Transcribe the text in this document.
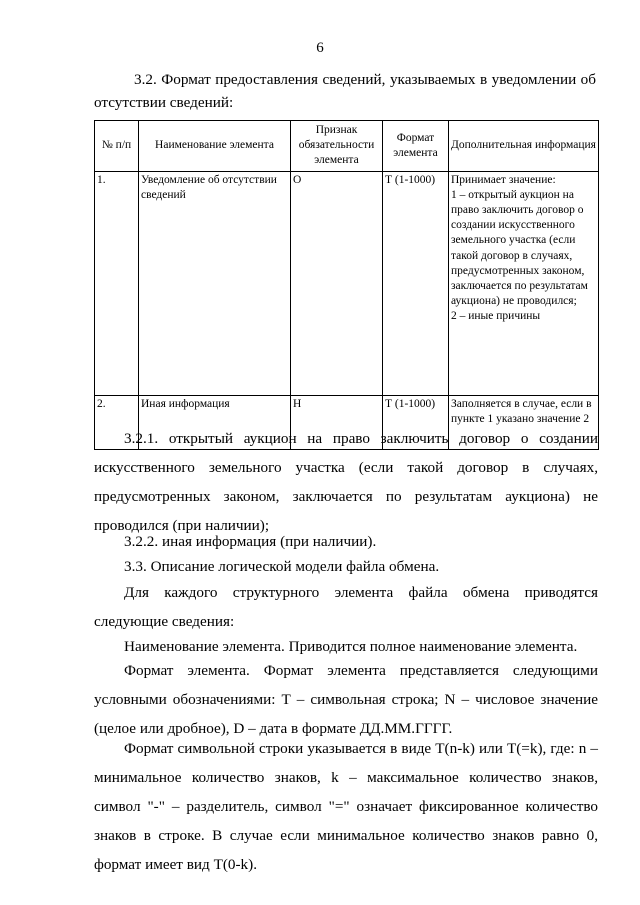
6
3.2. Формат предоставления сведений, указываемых в уведомлении об отсутствии сведений:
№ п/п	Наименование элемента	Признак обязательности элемента	Формат элемента	Дополнительная информация
1.	Уведомление об отсутствии сведений	О	Т (1-1000)	Принимает значение:
1 – открытый аукцион на право заключить договор о создании искусственного земельного участка (если такой договор в случаях, предусмотренных законом, заключается по результатам аукциона) не проводился;
2 – иные причины
2.	Иная информация	Н	Т (1-1000)	Заполняется в случае, если в пункте 1 указано значение 2
3.2.1. открытый аукцион на право заключить договор о создании искусственного земельного участка (если такой договор в случаях, предусмотренных законом, заключается по результатам аукциона) не проводился (при наличии);
3.2.2. иная информация (при наличии).
3.3. Описание логической модели файла обмена.
Для каждого структурного элемента файла обмена приводятся следующие сведения:
Наименование элемента. Приводится полное наименование элемента.
Формат элемента. Формат элемента представляется следующими условными обозначениями: Т – символьная строка; N – числовое значение (целое или дробное), D – дата в формате ДД.ММ.ГГГГ.
Формат символьной строки указывается в виде Т(n-k) или Т(=k), где: n – минимальное количество знаков, k – максимальное количество знаков, символ "-" – разделитель, символ "=" означает фиксированное количество знаков в строке. В случае если минимальное количество знаков равно 0, формат имеет вид Т(0-k).
